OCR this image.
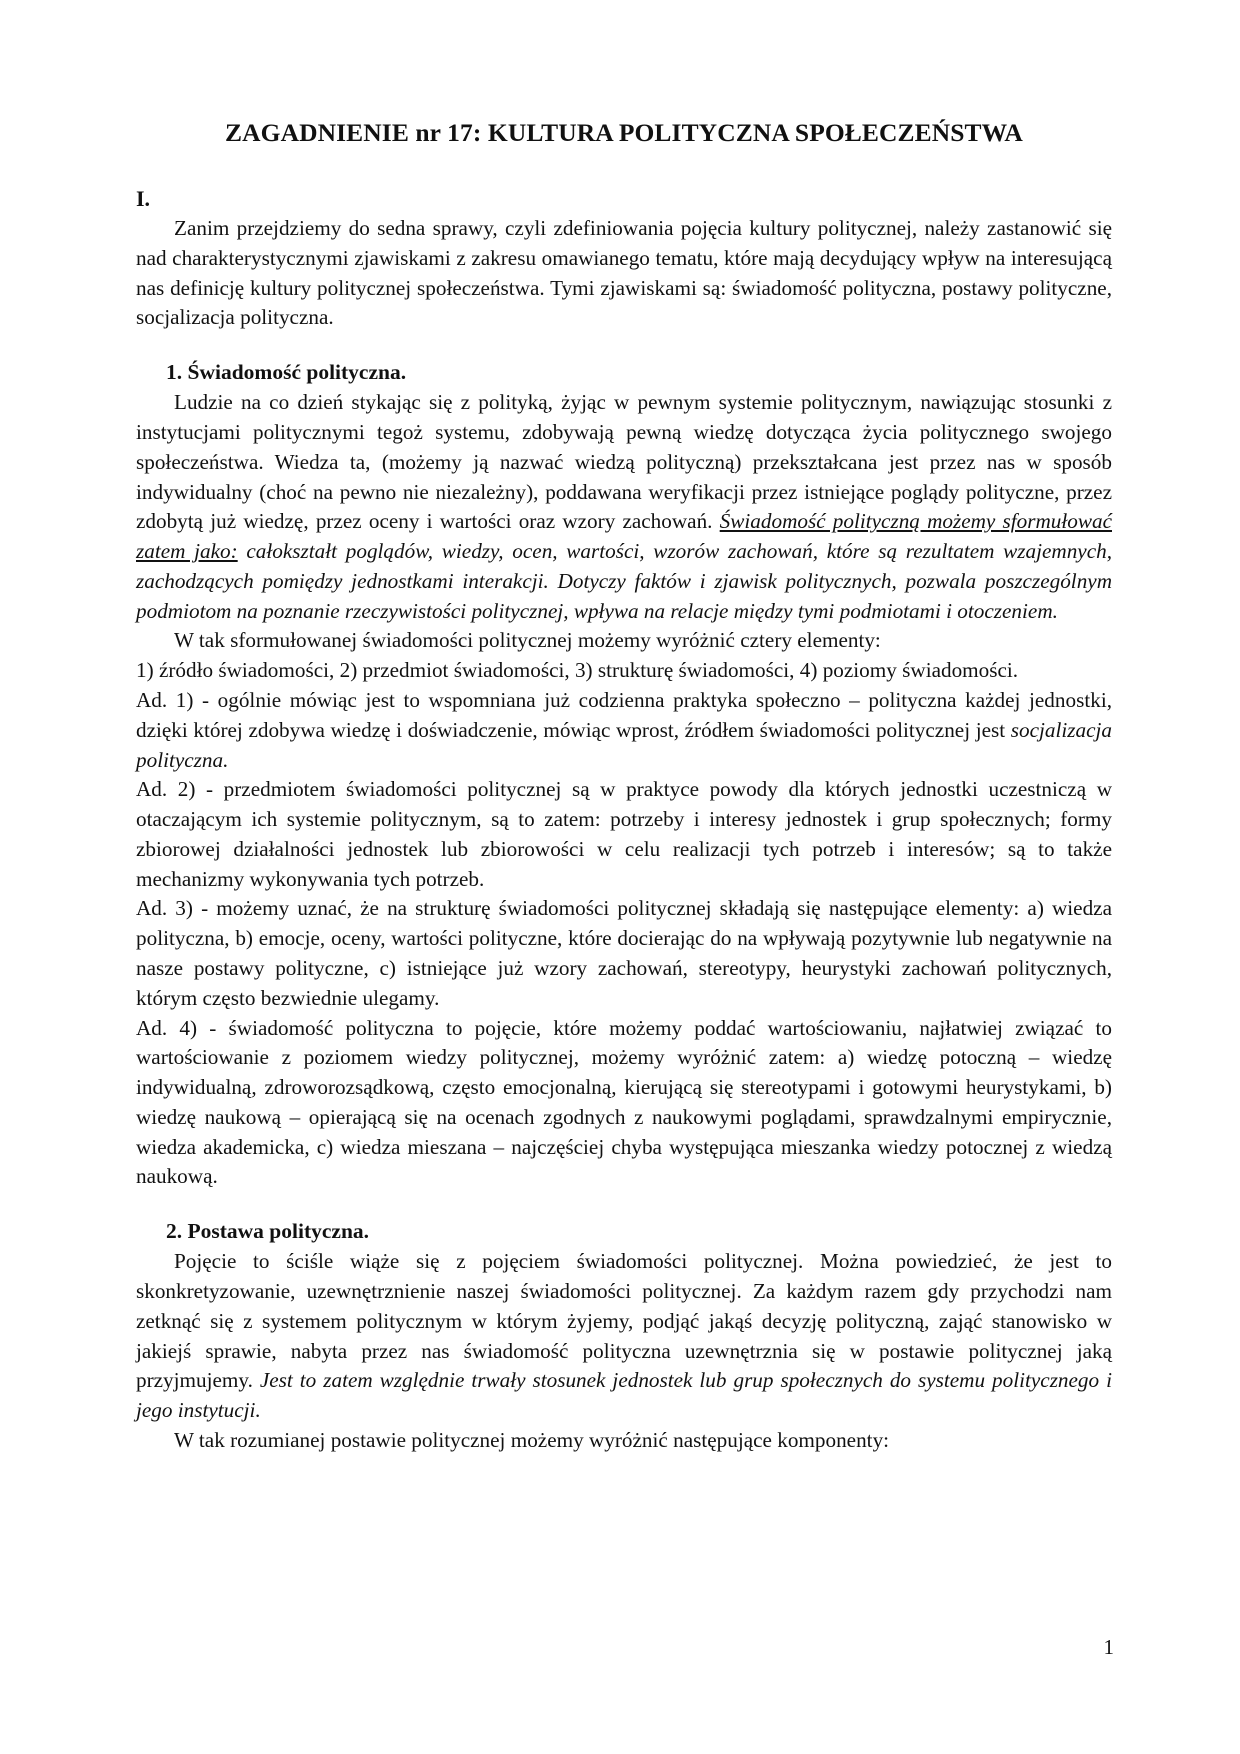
ZAGADNIENIE nr 17: KULTURA POLITYCZNA SPOŁECZEŃSTWA
I.

Zanim przejdziemy do sedna sprawy, czyli zdefiniowania pojęcia kultury politycznej, należy zastanowić się nad charakterystycznymi zjawiskami z zakresu omawianego tematu, które mają decydujący wpływ na interesującą nas definicję kultury politycznej społeczeństwa. Tymi zjawiskami są: świadomość polityczna, postawy polityczne, socjalizacja polityczna.

1. Świadomość polityczna.

Ludzie na co dzień stykając się z polityką, żyjąc w pewnym systemie politycznym, nawiązując stosunki z instytucjami politycznymi tegoż systemu, zdobywają pewną wiedzę dotycząca życia politycznego swojego społeczeństwa. Wiedza ta, (możemy ją nazwać wiedzą polityczną) przekształcana jest przez nas w sposób indywidualny (choć na pewno nie niezależny), poddawana weryfikacji przez istniejące poglądy polityczne, przez zdobytą już wiedzę, przez oceny i wartości oraz wzory zachowań. Świadomość polityczną możemy sformułować zatem jako: całokształt poglądów, wiedzy, ocen, wartości, wzorów zachowań, które są rezultatem wzajemnych, zachodzących pomiędzy jednostkami interakcji. Dotyczy faktów i zjawisk politycznych, pozwala poszczególnym podmiotom na poznanie rzeczywistości politycznej, wpływa na relacje między tymi podmiotami i otoczeniem.

W tak sformułowanej świadomości politycznej możemy wyróżnić cztery elementy:

1) źródło świadomości, 2) przedmiot świadomości, 3) strukturę świadomości, 4) poziomy świadomości.

Ad. 1) - ogólnie mówiąc jest to wspomniana już codzienna praktyka społeczno – polityczna każdej jednostki, dzięki której zdobywa wiedzę i doświadczenie, mówiąc wprost, źródłem świadomości politycznej jest socjalizacja polityczna.

Ad. 2) - przedmiotem świadomości politycznej są w praktyce powody dla których jednostki uczestniczą w otaczającym ich systemie politycznym, są to zatem: potrzeby i interesy jednostek i grup społecznych; formy zbiorowej działalności jednostek lub zbiorowości w celu realizacji tych potrzeb i interesów; są to także mechanizmy wykonywania tych potrzeb.

Ad. 3) - możemy uznać, że na strukturę świadomości politycznej składają się następujące elementy: a) wiedza polityczna, b) emocje, oceny, wartości polityczne, które docierając do na wpływają pozytywnie lub negatywnie na nasze postawy polityczne, c) istniejące już wzory zachowań, stereotypy, heurystyki zachowań politycznych, którym często bezwiednie ulegamy.

Ad. 4) - świadomość polityczna to pojęcie, które możemy poddać wartościowaniu, najłatwiej związać to wartościowanie z poziomem wiedzy politycznej, możemy wyróżnić zatem: a) wiedzę potoczną – wiedzę indywidualną, zdroworozsądkową, często emocjonalną, kierującą się stereotypami i gotowymi heurystykami, b) wiedzę naukową – opierającą się na ocenach zgodnych z naukowymi poglądami, sprawdzalnymi empirycznie, wiedza akademicka, c) wiedza mieszana – najczęściej chyba występująca mieszanka wiedzy potocznej z wiedzą naukową.

2. Postawa polityczna.

Pojęcie to ściśle wiąże się z pojęciem świadomości politycznej. Można powiedzieć, że jest to skonkretyzowanie, uzewnętrznienie naszej świadomości politycznej. Za każdym razem gdy przychodzi nam zetknąć się z systemem politycznym w którym żyjemy, podjąć jakąś decyzję polityczną, zająć stanowisko w jakiejś sprawie, nabyta przez nas świadomość polityczna uzewnętrznia się w postawie politycznej jaką przyjmujemy. Jest to zatem względnie trwały stosunek jednostek lub grup społecznych do systemu politycznego i jego instytucji.

W tak rozumianej postawie politycznej możemy wyróżnić następujące komponenty:

1
